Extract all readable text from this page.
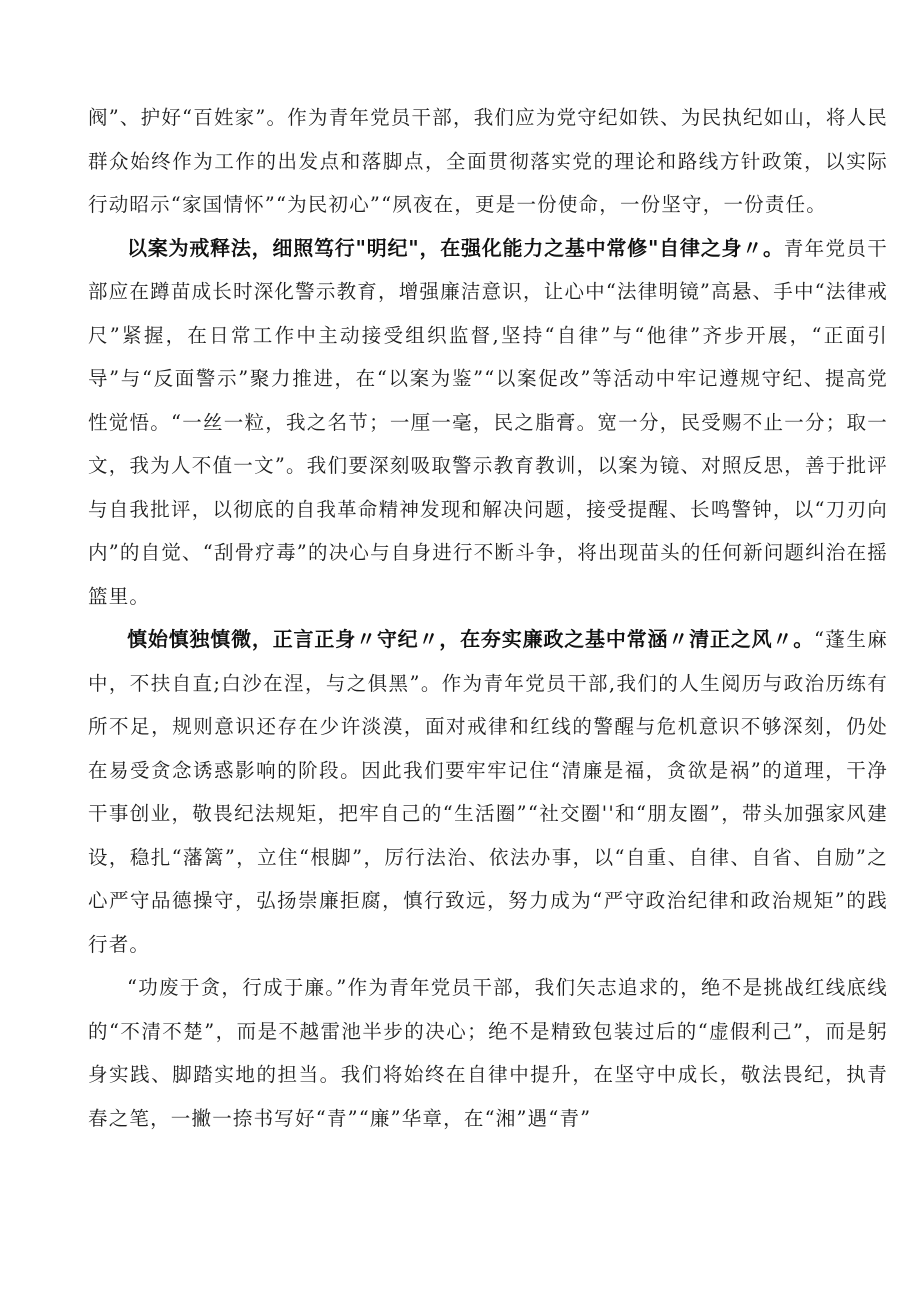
阀”、护好“百姓家”。作为青年党员干部，我们应为党守纪如铁、为民执纪如山，将人民群众始终作为工作的出发点和落脚点，全面贯彻落实党的理论和路线方针政策，以实际行动昭示“家国情怀”“为民初心”“夙夜在，更是一份使命，一份坚守，一份责任。

以案为戒释法，细照笃行"明纪"，在强化能力之基中常修"自律之身〃。青年党员干部应在蹲苗成长时深化警示教育，增强廉洁意识，让心中“法律明镜”高悬、手中“法律戒尺”紧握，在日常工作中主动接受组织监督,坚持“自律”与“他律”齐步开展，“正面引导”与“反面警示”聚力推进，在“以案为鉴”“以案促改”等活动中牢记遵规守纪、提高党性觉悟。“一丝一粒，我之名节；一厘一毫，民之脂膏。宽一分，民受赐不止一分；取一文，我为人不值一文”。我们要深刻吸取警示教育教训，以案为镜、对照反思，善于批评与自我批评，以彻底的自我革命精神发现和解决问题，接受提醒、长鸣警钟，以“刀刃向内”的自觉、“刮骨疗毒”的决心与自身进行不断斗争，将出现苗头的任何新问题纠治在摇篮里。

慎始慎独慎微，正言正身〃守纪〃，在夯实廉政之基中常涵〃清正之风〃。“蓬生麻中，不扶自直;白沙在涅，与之俱黑”。作为青年党员干部,我们的人生阅历与政治历练有所不足，规则意识还存在少许淡漠，面对戒律和红线的警醒与危机意识不够深刻，仍处在易受贪念诱惑影响的阶段。因此我们要牢牢记住“清廉是福，贪欲是祸”的道理，干净干事创业，敬畏纪法规矩，把牢自己的“生活圈”“社交圈''和“朋友圈”，带头加强家风建设，稳扎“藩篱”，立住“根脚”，厉行法治、依法办事，以“自重、自律、自省、自励”之心严守品德操守，弘扬崇廉拒腐，慎行致远，努力成为“严守政治纪律和政治规矩”的践行者。

“功废于贪，行成于廉。”作为青年党员干部，我们矢志追求的，绝不是挑战红线底线的“不清不楚”，而是不越雷池半步的决心；绝不是精致包装过后的“虚假利己”，而是躬身实践、脚踏实地的担当。我们将始终在自律中提升，在坚守中成长，敬法畏纪，执青春之笔，一撇一捺书写好“青”“廉”华章，在“湘”遇“青”
